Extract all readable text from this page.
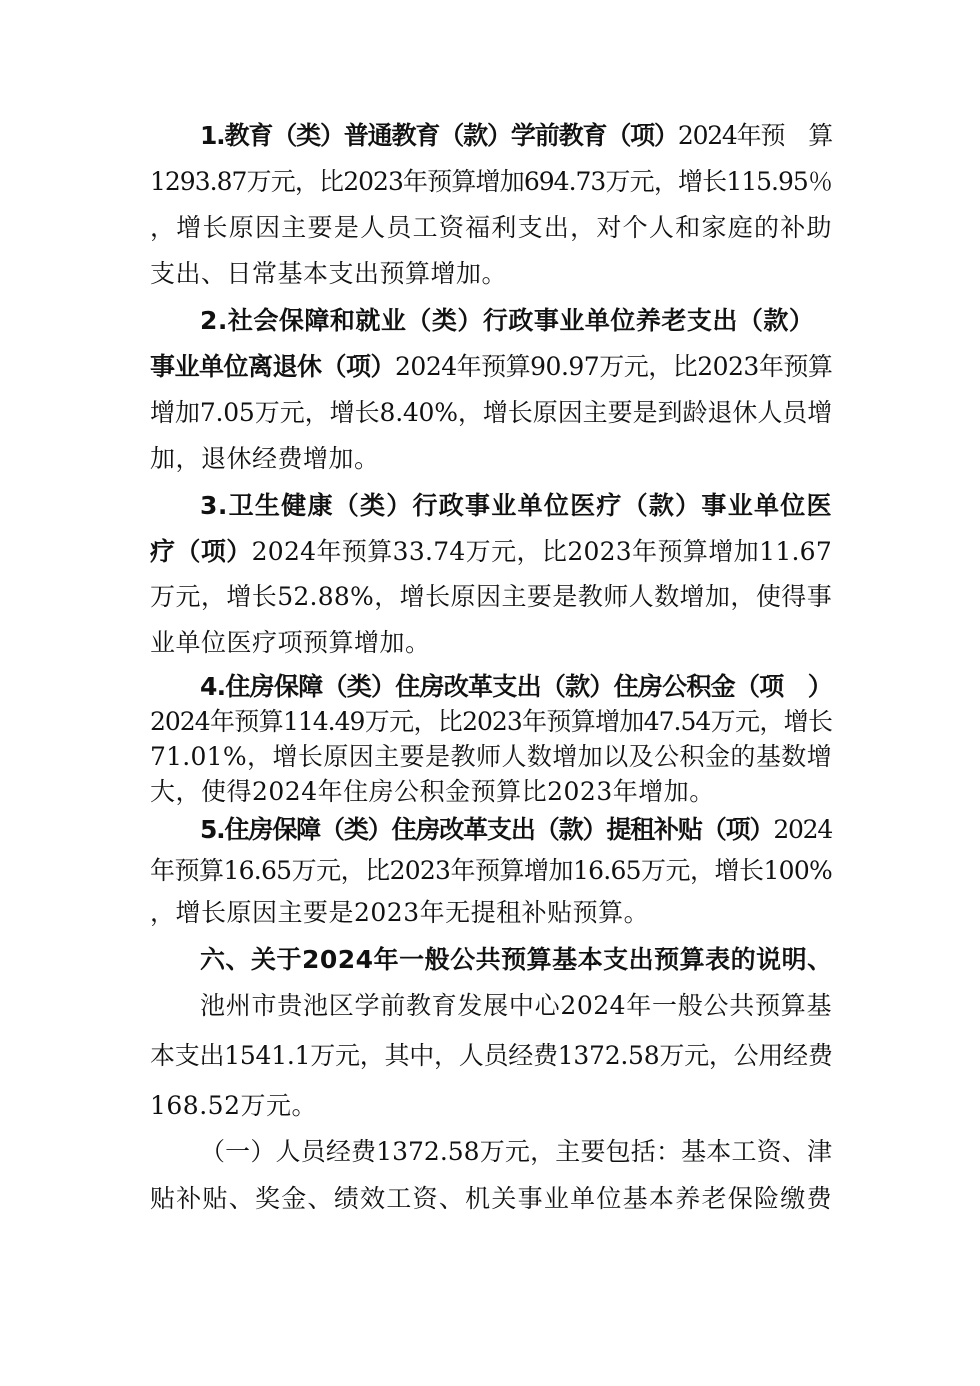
1.教育（类）普通教育（款）学前教育（项）2024年预　算
1293.87万元，比2023年预算增加694.73万元，增长115.95％
，增长原因主要是人员工资福利支出，对个人和家庭的补助
支出、日常基本支出预算增加。
2.社会保障和就业（类）行政事业单位养老支出（款）
事业单位离退休（项）2024年预算90.97万元，比2023年预算
增加7.05万元，增长8.40%，增长原因主要是到龄退休人员增
加，退休经费增加。
3.卫生健康（类）行政事业单位医疗（款）事业单位医
疗（项）2024年预算33.74万元，比2023年预算增加11.67
万元，增长52.88%，增长原因主要是教师人数增加，使得事
业单位医疗项预算增加。
4.住房保障（类）住房改革支出（款）住房公积金（项　）
2024年预算114.49万元，比2023年预算增加47.54万元，增长
71.01%，增长原因主要是教师人数增加以及公积金的基数增
大，使得2024年住房公积金预算比2023年增加。
5.住房保障（类）住房改革支出（款）提租补贴（项）2024
年预算16.65万元，比2023年预算增加16.65万元，增长100%
，增长原因主要是2023年无提租补贴预算。
六、关于2024年一般公共预算基本支出预算表的说明、
池州市贵池区学前教育发展中心2024年一般公共预算基
本支出1541.1万元，其中，人员经费1372.58万元，公用经费
168.52万元。
（一）人员经费1372.58万元，主要包括：基本工资、津
贴补贴、奖金、绩效工资、机关事业单位基本养老保险缴费
